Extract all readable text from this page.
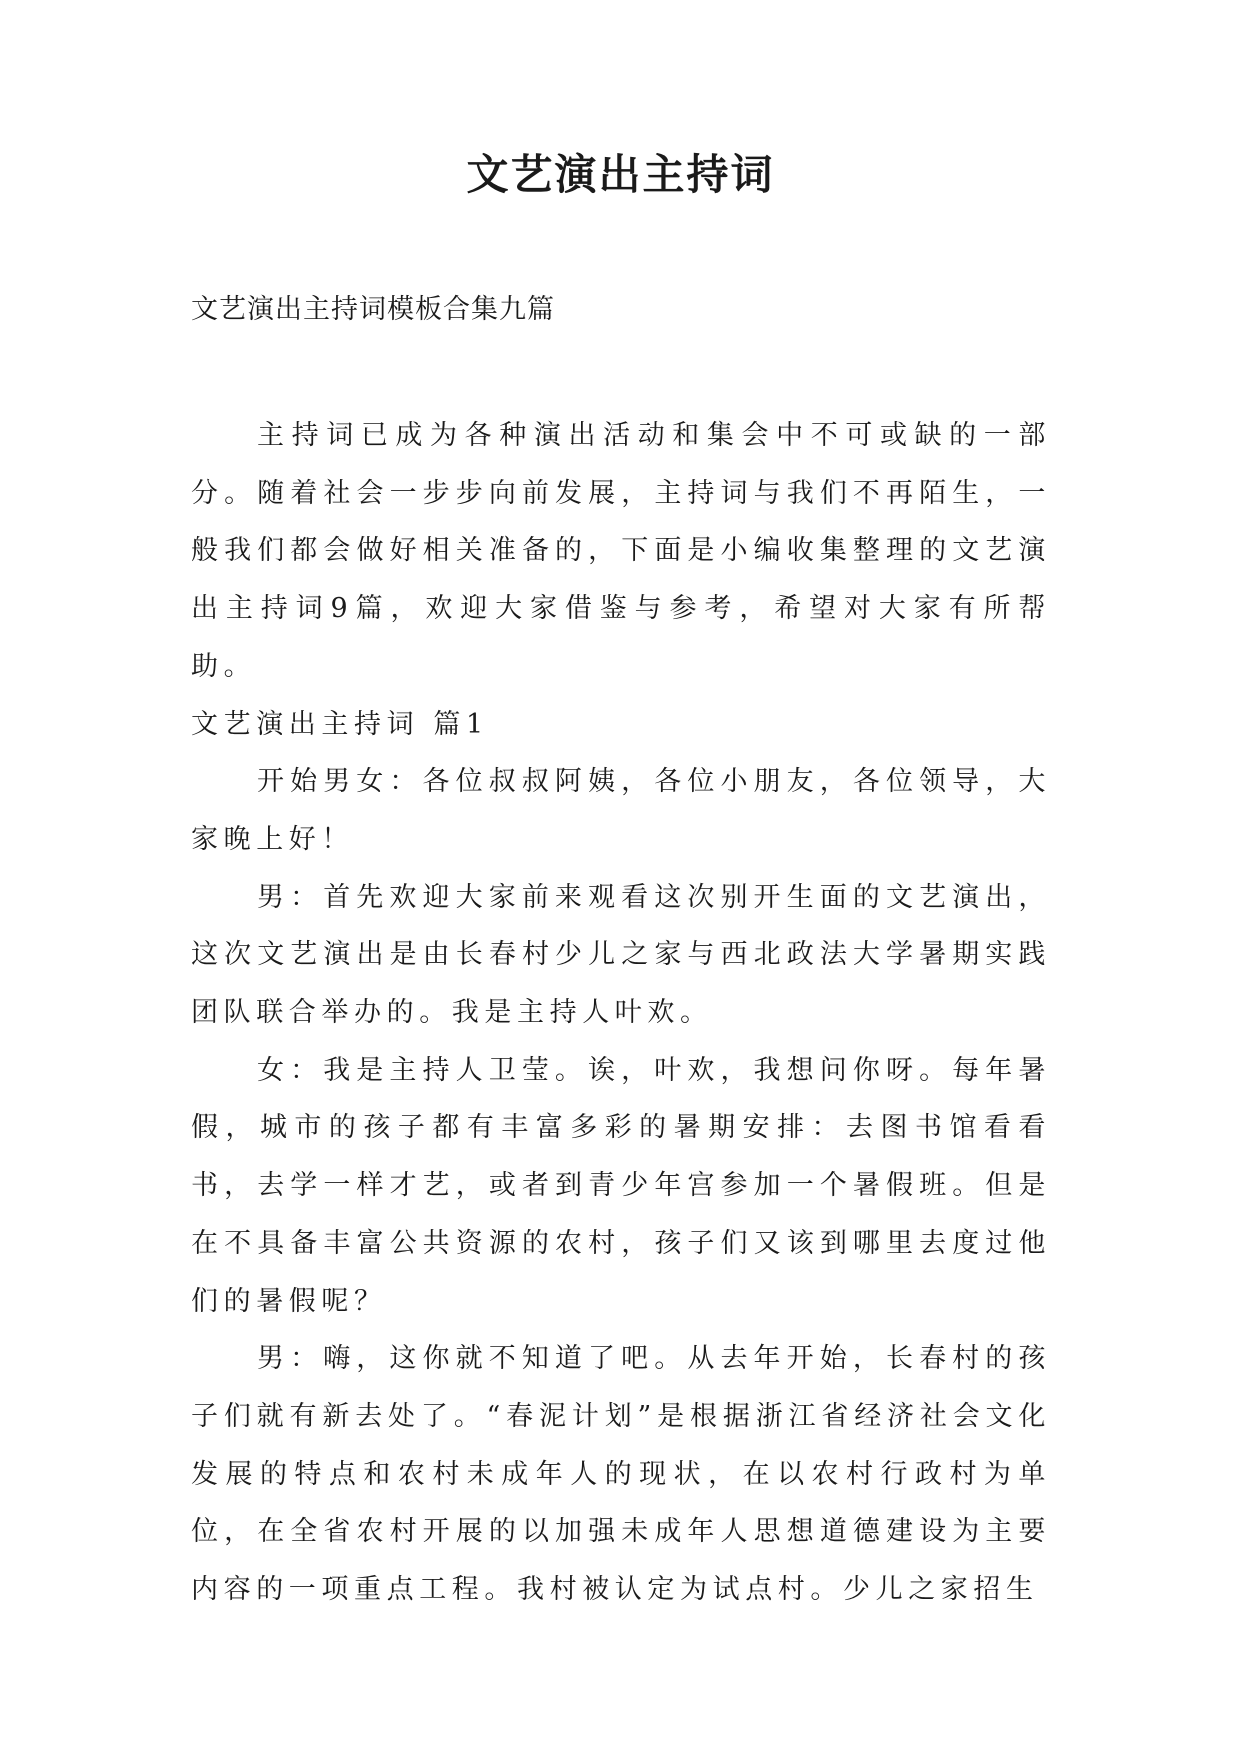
文艺演出主持词
文艺演出主持词模板合集九篇

主持词已成为各种演出活动和集会中不可或缺的一部分。随着社会一步步向前发展，主持词与我们不再陌生，一般我们都会做好相关准备的，下面是小编收集整理的文艺演出主持词9篇，欢迎大家借鉴与参考，希望对大家有所帮助。

文艺演出主持词 篇1

开始男女：各位叔叔阿姨，各位小朋友，各位领导，大家晚上好！

男：首先欢迎大家前来观看这次别开生面的文艺演出，这次文艺演出是由长春村少儿之家与西北政法大学暑期实践团队联合举办的。我是主持人叶欢。

女：我是主持人卫莹。诶，叶欢，我想问你呀。每年暑假，城市的孩子都有丰富多彩的暑期安排：去图书馆看看书，去学一样才艺，或者到青少年宫参加一个暑假班。但是在不具备丰富公共资源的农村，孩子们又该到哪里去度过他们的暑假呢？

男：嗨，这你就不知道了吧。从去年开始，长春村的孩子们就有新去处了。“春泥计划”是根据浙江省经济社会文化发展的特点和农村未成年人的现状，在以农村行政村为单位，在全省农村开展的以加强未成年人思想道德建设为主要内容的一项重点工程。我村被认定为试点村。少儿之家招生
